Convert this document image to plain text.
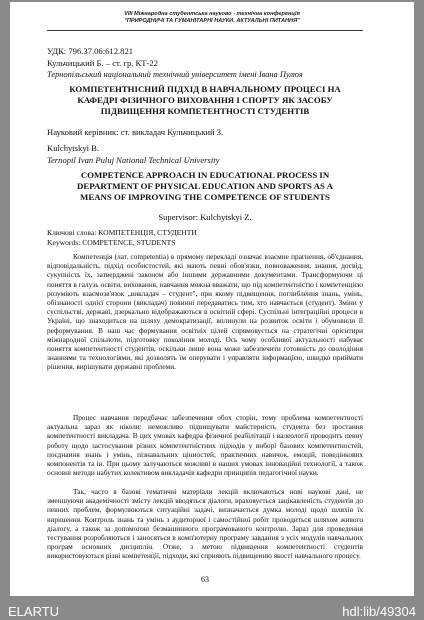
VIII Міжнародна студентська науково - технічна конференція
"ПРИРОДНИЧІ ТА ГУМАНІТАРНІ НАУКИ. АКТУАЛЬНІ ПИТАННЯ"
УДК: 796.37.06:612.821
Кульчицький Б. – ст. гр. КТ-22
Тернопільський національний технічний університет імені Івана Пулюя
КОМПЕТЕНТНІСНИЙ ПІДХІД В НАВЧАЛЬНОМУ ПРОЦЕСІ НА
КАФЕДРІ ФІЗИЧНОГО ВИХОВАННЯ І СПОРТУ ЯК ЗАСОБУ
ПІДВИЩЕННЯ КОМПЕТЕНТНОСТІ СТУДЕНТІВ
Науковий керівник: ст. викладач Кульчицький З.
Kulchytskyi B.
Ternopil Ivan Puluj National Technical University
COMPETENCE APPROACH IN EDUCATIONAL PROCESS IN
DEPARTMENT OF PHYSICAL EDUCATION AND SPORTS AS A
MEANS OF IMPROVING THE COMPETENCE OF STUDENTS
Supervisor: Kulchytskyi Z.
Ключові слова: КОМПЕТЕНЦІЯ, СТУДЕНТИ
Keywords: COMPETENCE, STUDENTS
Компетенція (лат. competentia) в прямому перекладі означає взаємне прагнення, об'єднання, відповідальність, підхід особистостей, які мають певні обов'язки, повноваження, знання, досвід, сукупність їх, затверджені законом або іншими державними документами. Трансформуючи ці поняття в галузь освіти, виховання, навчання можна вважати, що під компетентністю і компетенцією розуміють взаємозв'язок „викладач – студент", при якому підвищення, поглиблення знань, умінь, обізнаності однієї сторони (викладач) повинні передаватись тим, хто навчається (студент). Зміни у суспільстві, державі, дзеркально відображаються в освітній сфері. Суспільні інтеграційні процеси в Україні, що знаходиться на шляху демократизації, вплинули на розвиток освіти і обумовили її реформування. В наш час формування освітніх цілей спрямовується на стратегічні орієнтири міжнародної спільноти, підготовку покоління молоді. Ось чому особливої актуальності набуває поняття компетентності студентів, оскільки лише вона може забезпечити готовність до оволодіння знаннями та технологіями, які дозволять їм оперувати і управляти інформацією, швидко приймати рішення, вирішувати державні проблеми.
Процес навчання передбачає забезпечення обох сторін, тому проблема компетентності актуальна зараз як ніколи: неможливо підвищувати майстерність студента без зростання компетентності викладача. В цих умовах кафедра фізичної реабілітації і валеології проводить певну роботу щодо застосування різних компетентністних підходів у виборі базових компетентностей, поєднання знань і умінь, пізнавальних цінностей, практичних навичок, емоцій, поведінкових компонентів та ін. При цьому залучаються можливі в наших умовах інноваційні технології, а також основні методи набутих колективом викладачів кафедри принципів педагогічної науки.
Так, часто в базові тематичні матеріали лекцій включаються нові наукові дані, не зменшуючи академічності змісту лекцій вводяться діалоги, враховується зацікавленість студентів до певних проблем, формулюються ситуаційні задачі, визначається думка молоді щодо шляхів їх вирішення. Контроль знань та умінь з аудиторної і самостійної робіт проводиться шляхом живого діалогу, а також за допомогою безмашинного програмованого контролю. Зараз для проведення тестування розробляються і заносяться в комп'ютерну програму завдання з усіх модулів навчальних програм основних дисциплін. Отже, з метою підвищення компетентності студентів використовуються різні компетенції, підходи, які сприяють підвищенню якості навчального процесу.
63
ELARTU	hdl:lib/49304
